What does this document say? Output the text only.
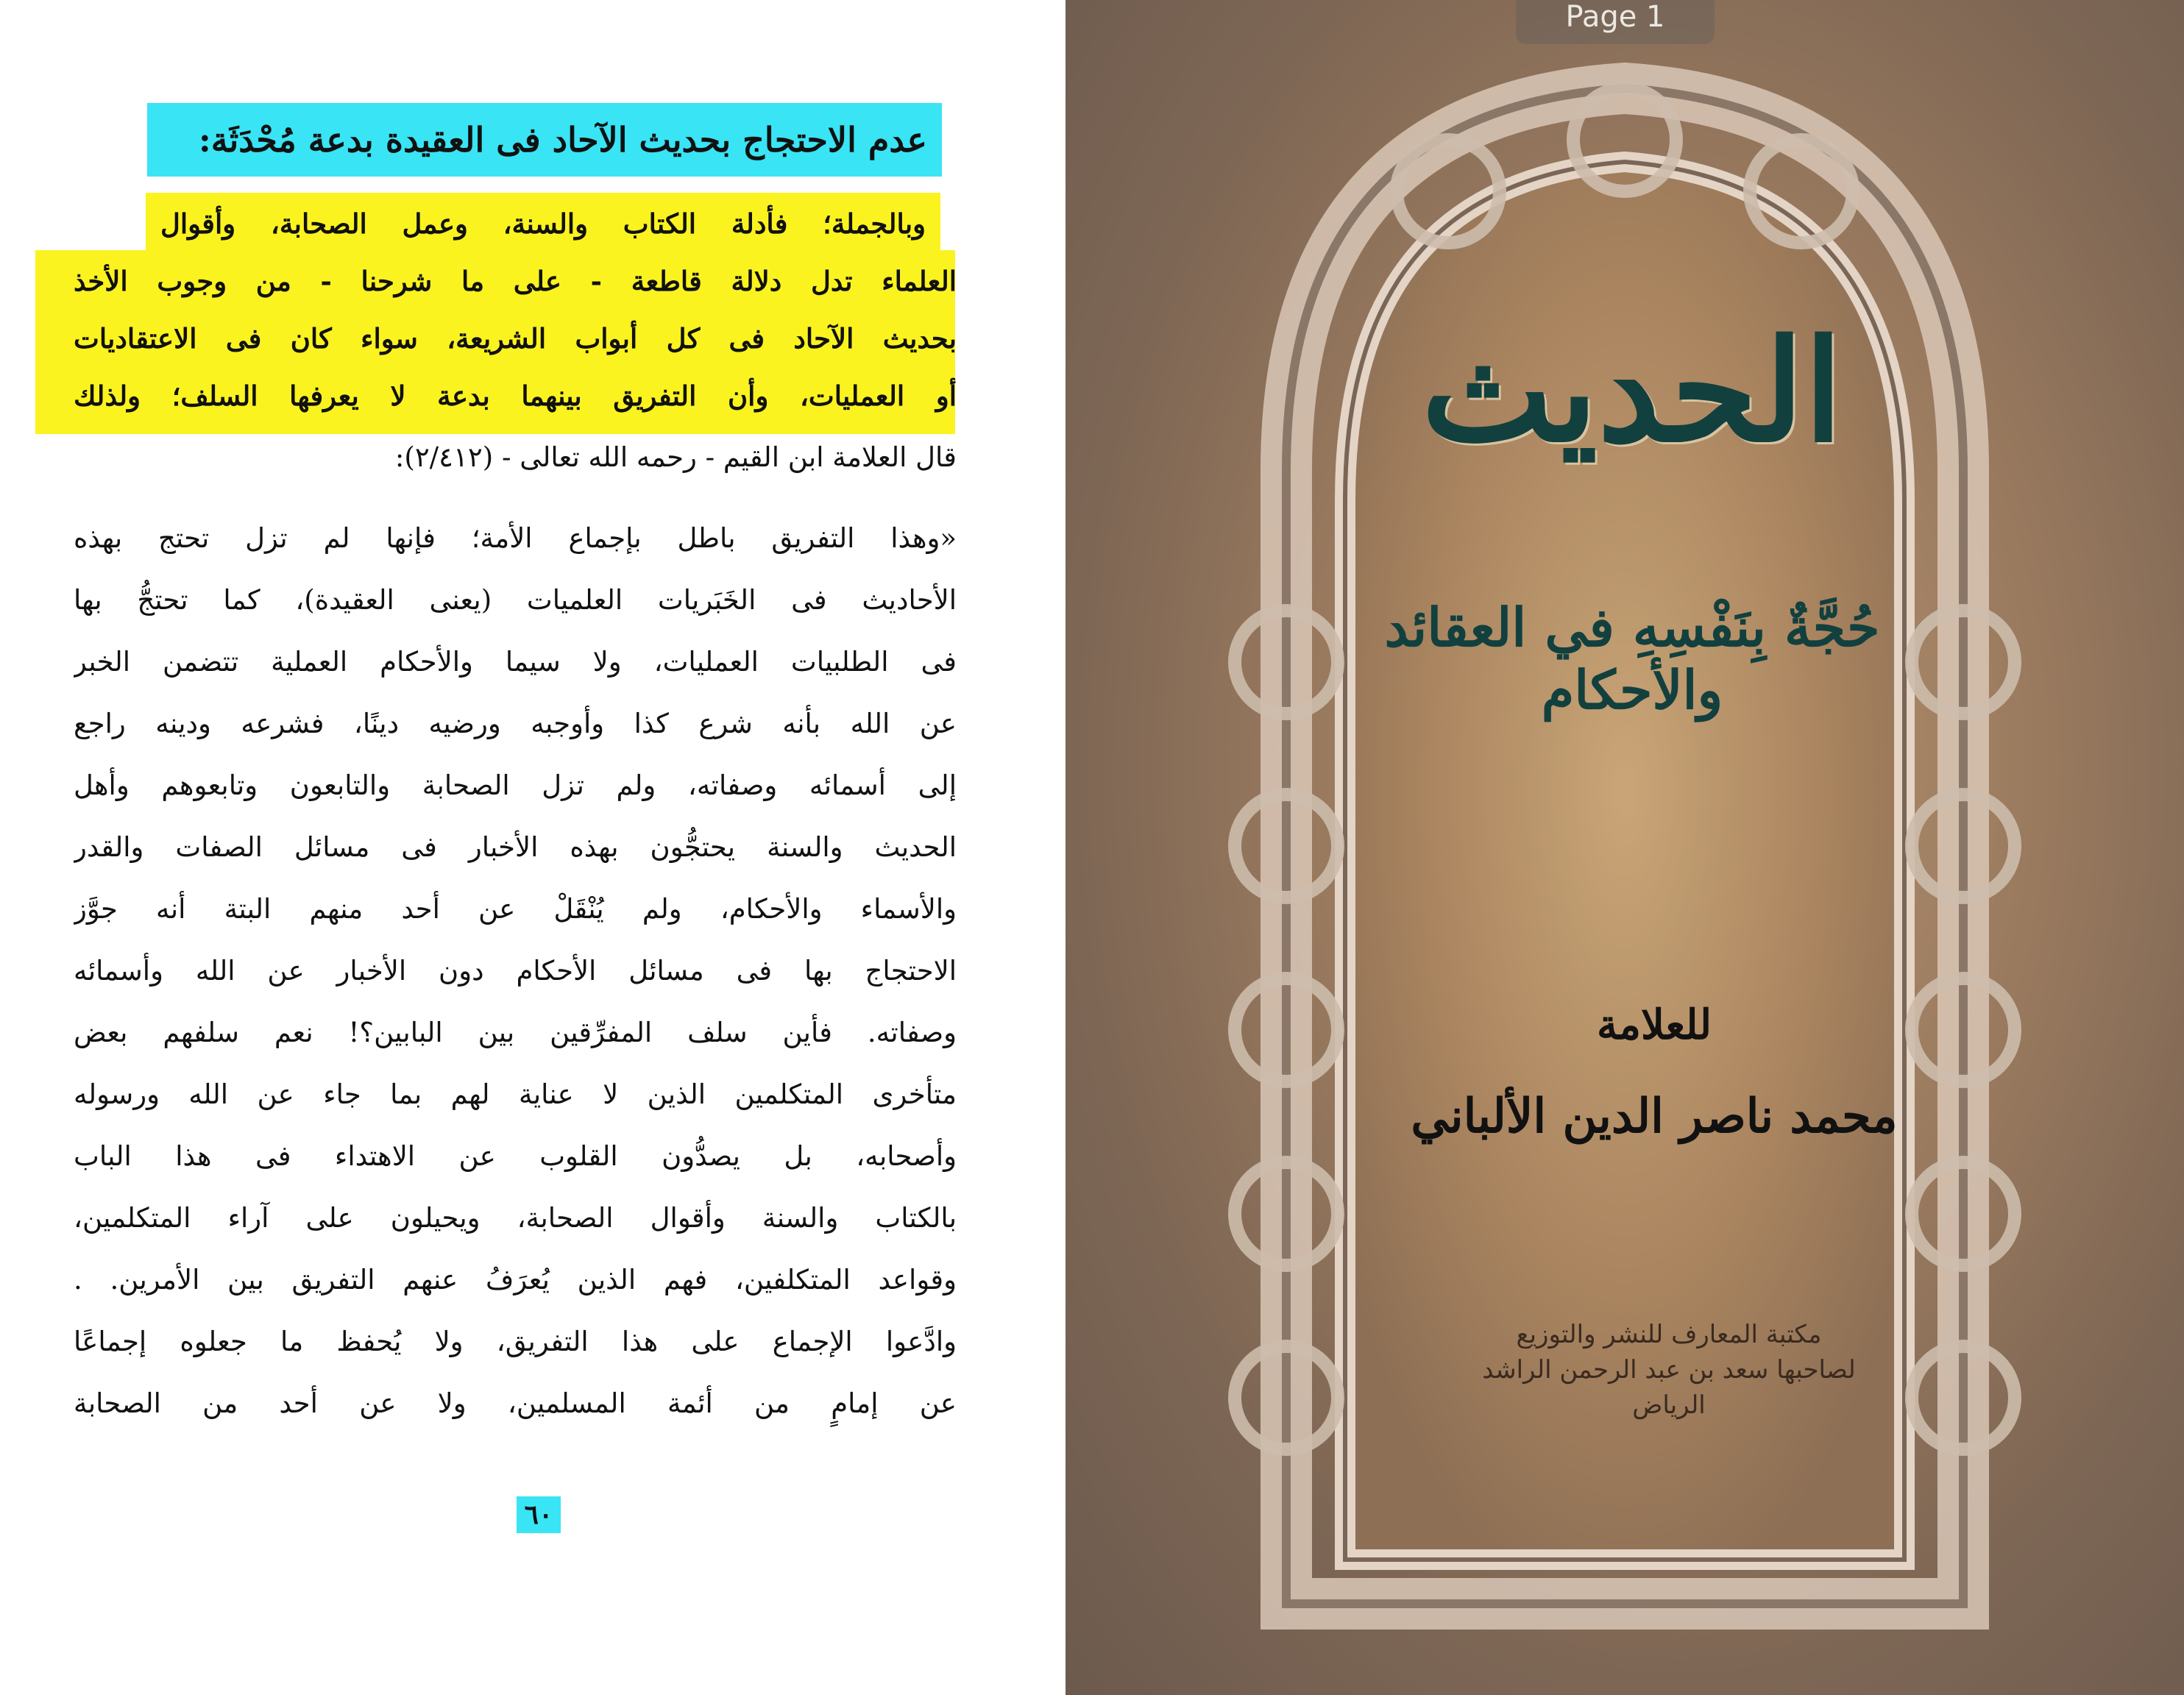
عدم الاحتجاج بحديث الآحاد فى العقيدة بدعة مُحْدَثَة:
وبالجملة؛ فأدلة الكتاب والسنة، وعمل الصحابة، وأقوال
العلماء تدل دلالة قاطعة - على ما شرحنا - من وجوب الأخذ
بحديث الآحاد فى كل أبواب الشريعة، سواء كان فى الاعتقاديات
أو العمليات، وأن التفريق بينهما بدعة لا يعرفها السلف؛ ولذلك
قال العلامة ابن القيم - رحمه الله تعالى - (٢/٤١٢):
«وهذا التفريق باطل بإجماع الأمة؛ فإنها لم تزل تحتج بهذه
الأحاديث فى الخَبَريات العلميات (يعنى العقيدة)، كما تحتجُّ بها
فى الطلبيات العمليات، ولا سيما والأحكام العملية تتضمن الخبر
عن الله بأنه شرع كذا وأوجبه ورضيه دينًا، فشرعه ودينه راجع
إلى أسمائه وصفاته، ولم تزل الصحابة والتابعون وتابعوهم وأهل
الحديث والسنة يحتجُّون بهذه الأخبار فى مسائل الصفات والقدر
والأسماء والأحكام، ولم يُنْقَلْ عن أحد منهم البتة أنه جوَّز
الاحتجاج بها فى مسائل الأحكام دون الأخبار عن الله وأسمائه
وصفاته. فأين سلف المفرِّقين بين البابين؟! نعم سلفهم بعض
متأخرى المتكلمين الذين لا عناية لهم بما جاء عن الله ورسوله
وأصحابه، بل يصدُّون القلوب عن الاهتداء فى هذا الباب
بالكتاب والسنة وأقوال الصحابة، ويحيلون على آراء المتكلمين،
وقواعد المتكلفين، فهم الذين يُعرَفُ عنهم التفريق بين الأمرين. .
وادَّعوا الإجماع على هذا التفريق، ولا يُحفظ ما جعلوه إجماعًا
عن إمامٍ من أئمة المسلمين، ولا عن أحد من الصحابة
٦٠
Page 1
الحديث
حُجَّةٌ بِنَفْسِهِ في العقائد والأحكام
للعلامة
محمد ناصر الدين الألباني
مكتبة المعارف للنشر والتوزيع
لصاحبها سعد بن عبد الرحمن الراشد
الرياض
